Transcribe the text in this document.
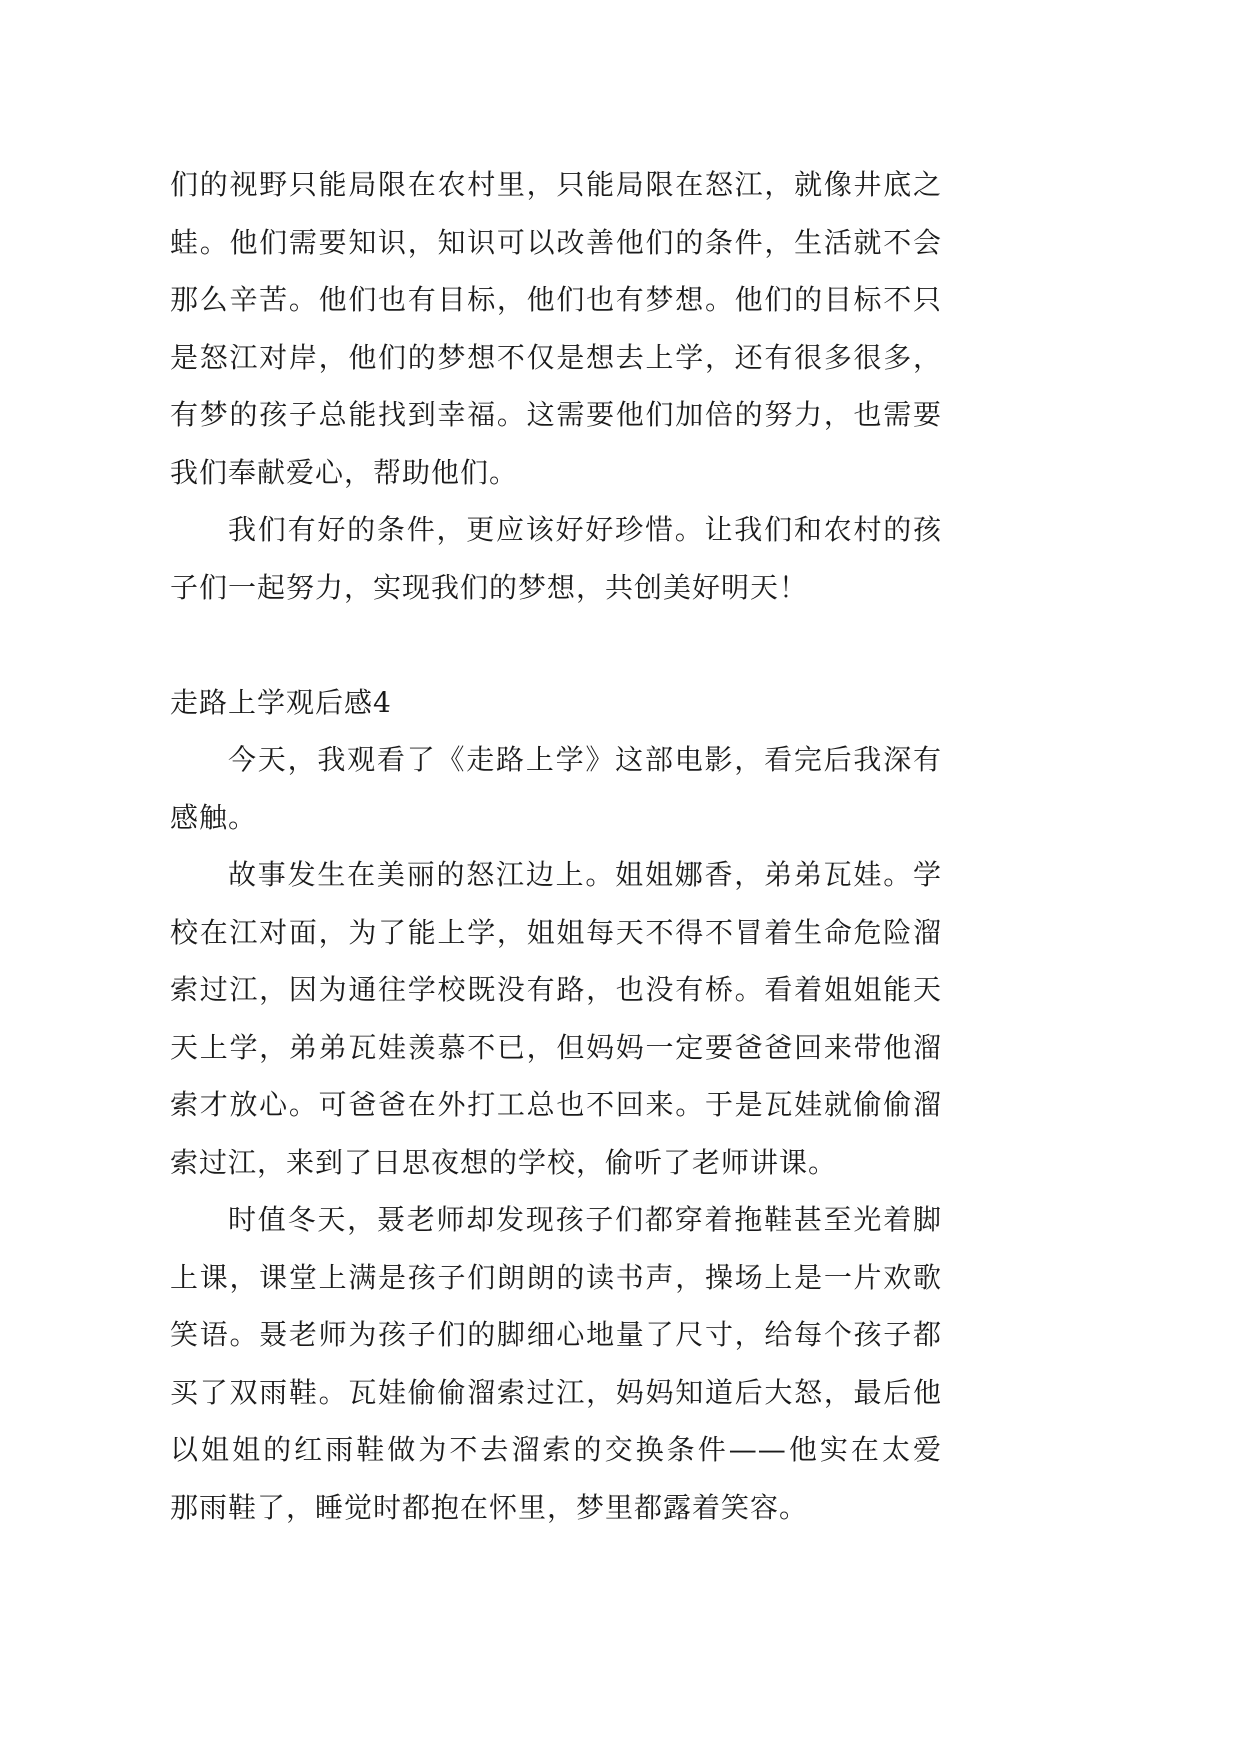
们的视野只能局限在农村里，只能局限在怒江，就像井底之
蛙。他们需要知识，知识可以改善他们的条件，生活就不会
那么辛苦。他们也有目标，他们也有梦想。他们的目标不只
是怒江对岸，他们的梦想不仅是想去上学，还有很多很多，
有梦的孩子总能找到幸福。这需要他们加倍的努力，也需要
我们奉献爱心，帮助他们。
我们有好的条件，更应该好好珍惜。让我们和农村的孩
子们一起努力，实现我们的梦想，共创美好明天！
走路上学观后感4
今天，我观看了《走路上学》这部电影，看完后我深有
感触。
故事发生在美丽的怒江边上。姐姐娜香，弟弟瓦娃。学
校在江对面，为了能上学，姐姐每天不得不冒着生命危险溜
索过江，因为通往学校既没有路，也没有桥。看着姐姐能天
天上学，弟弟瓦娃羡慕不已，但妈妈一定要爸爸回来带他溜
索才放心。可爸爸在外打工总也不回来。于是瓦娃就偷偷溜
索过江，来到了日思夜想的学校，偷听了老师讲课。
时值冬天，聂老师却发现孩子们都穿着拖鞋甚至光着脚
上课，课堂上满是孩子们朗朗的读书声，操场上是一片欢歌
笑语。聂老师为孩子们的脚细心地量了尺寸，给每个孩子都
买了双雨鞋。瓦娃偷偷溜索过江，妈妈知道后大怒，最后他
以姐姐的红雨鞋做为不去溜索的交换条件——他实在太爱
那雨鞋了，睡觉时都抱在怀里，梦里都露着笑容。
